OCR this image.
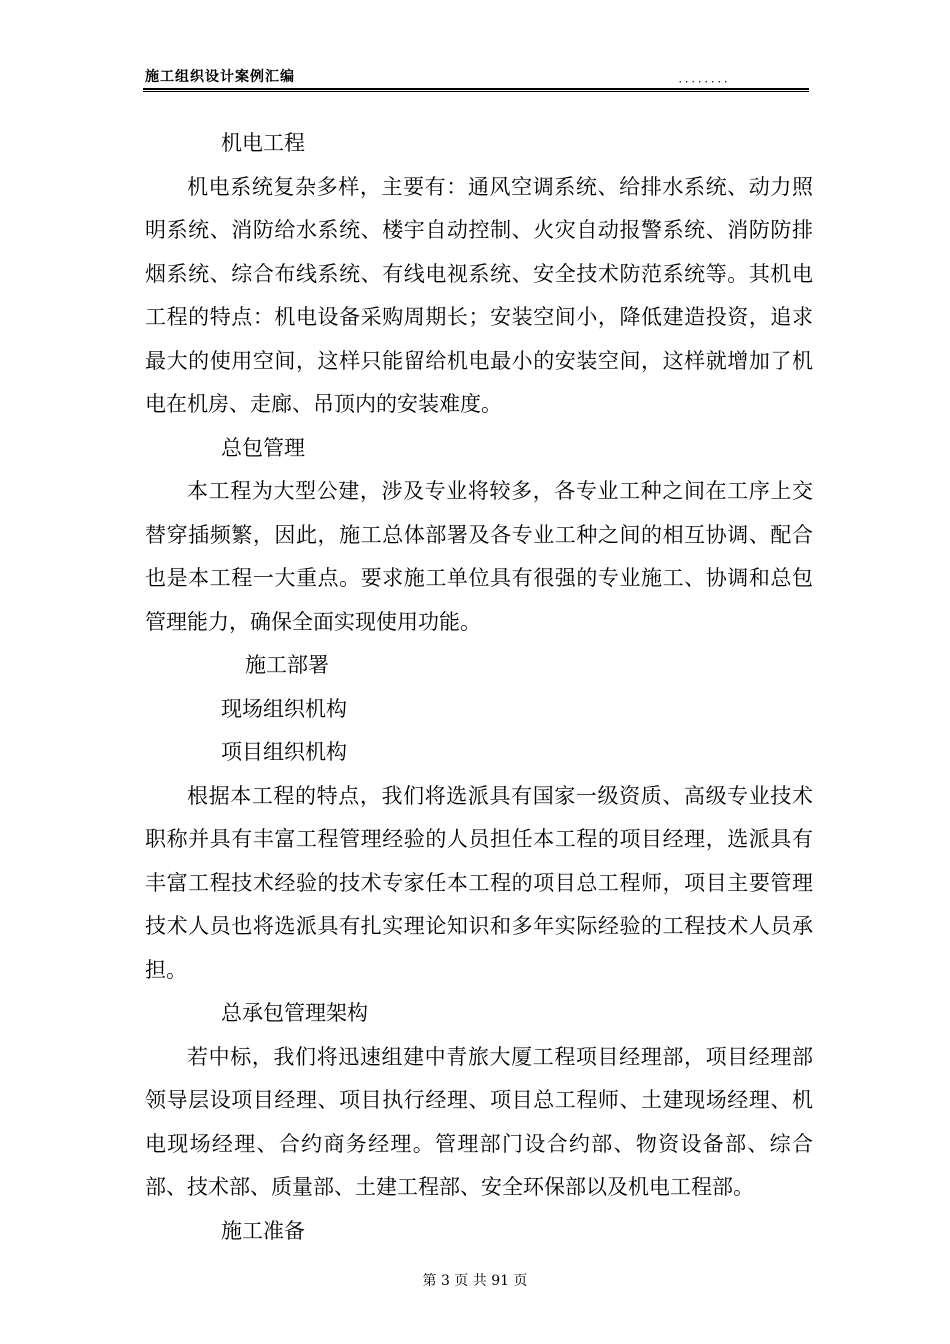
施工组织设计案例汇编	．．．．．．．．

机电工程

机电系统复杂多样，主要有：通风空调系统、给排水系统、动力照明系统、消防给水系统、楼宇自动控制、火灾自动报警系统、消防防排烟系统、综合布线系统、有线电视系统、安全技术防范系统等。其机电工程的特点：机电设备采购周期长；安装空间小，降低建造投资，追求最大的使用空间，这样只能留给机电最小的安装空间，这样就增加了机电在机房、走廊、吊顶内的安装难度。

总包管理

本工程为大型公建，涉及专业将较多，各专业工种之间在工序上交替穿插频繁，因此，施工总体部署及各专业工种之间的相互协调、配合也是本工程一大重点。要求施工单位具有很强的专业施工、协调和总包管理能力，确保全面实现使用功能。

施工部署

现场组织机构

项目组织机构

根据本工程的特点，我们将选派具有国家一级资质、高级专业技术职称并具有丰富工程管理经验的人员担任本工程的项目经理，选派具有丰富工程技术经验的技术专家任本工程的项目总工程师，项目主要管理技术人员也将选派具有扎实理论知识和多年实际经验的工程技术人员承担。

总承包管理架构

若中标，我们将迅速组建中青旅大厦工程项目经理部，项目经理部领导层设项目经理、项目执行经理、项目总工程师、土建现场经理、机电现场经理、合约商务经理。管理部门设合约部、物资设备部、综合部、技术部、质量部、土建工程部、安全环保部以及机电工程部。

施工准备

第 3 页 共 91 页
